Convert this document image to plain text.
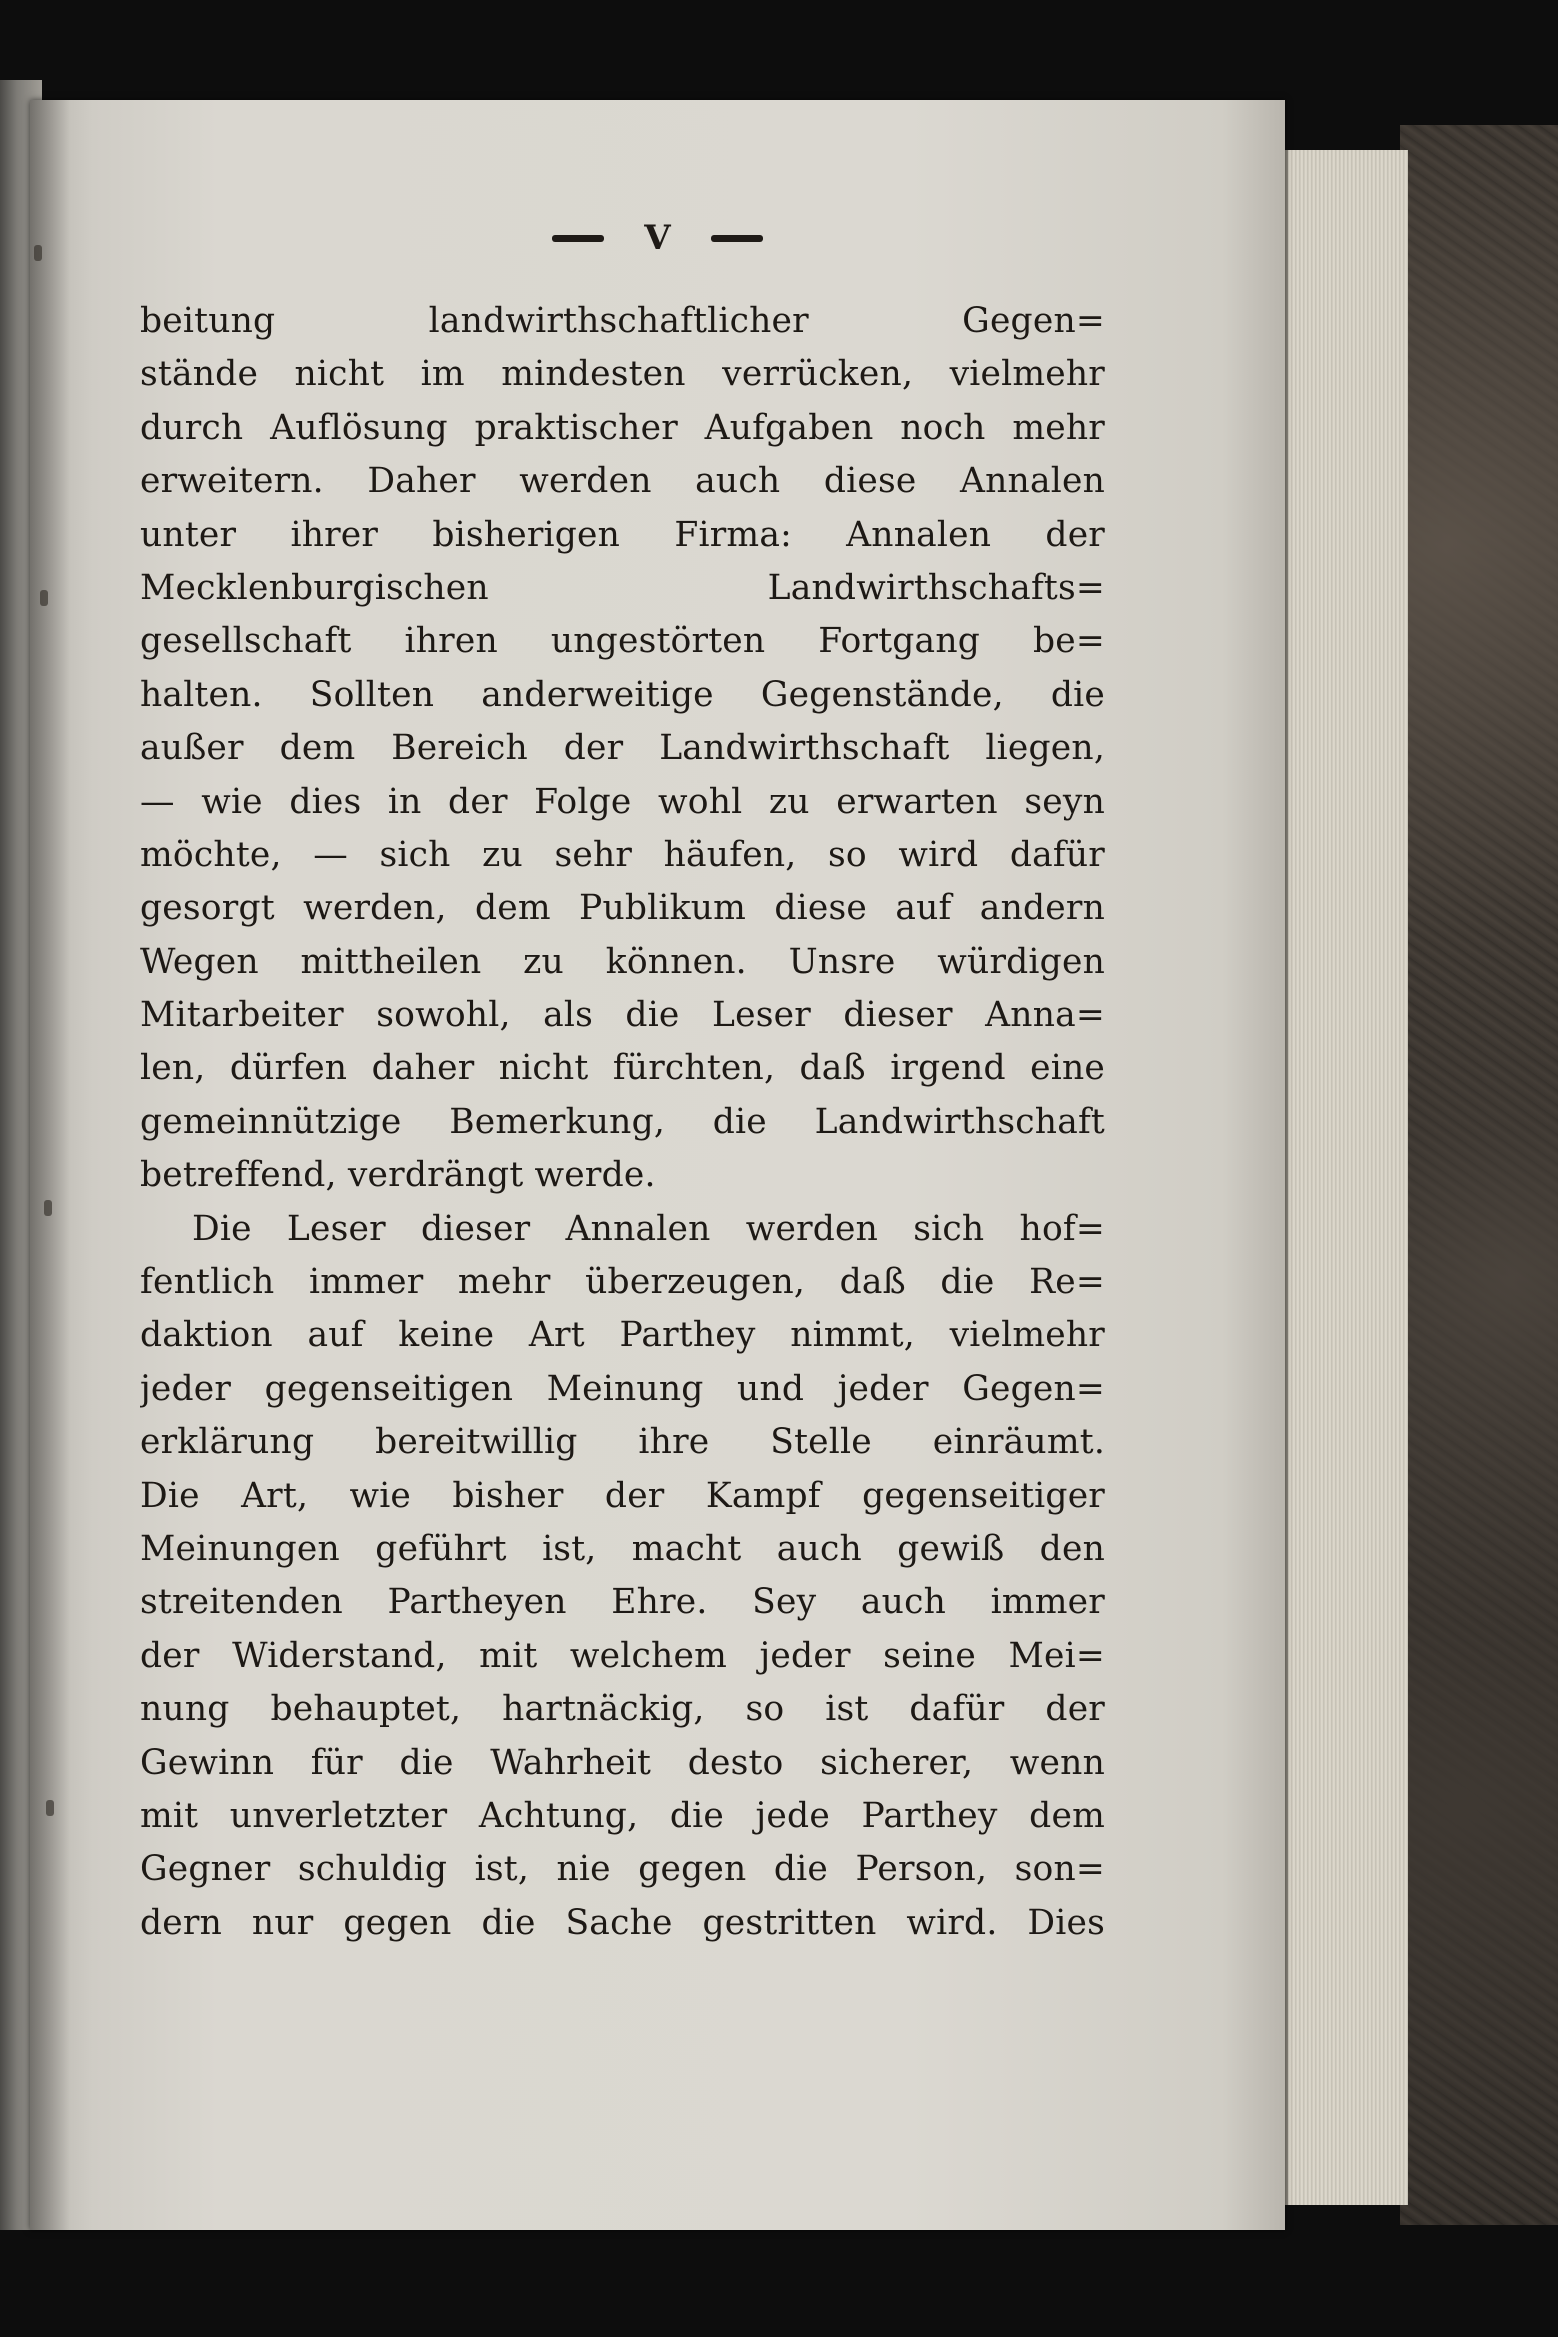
V
beitung landwirthschaftlicher Gegen=
stände nicht im mindesten verrücken, vielmehr
durch Auflösung praktischer Aufgaben noch mehr
erweitern. Daher werden auch diese Annalen
unter ihrer bisherigen Firma: Annalen der
Mecklenburgischen Landwirthschafts=
gesellschaft ihren ungestörten Fortgang be=
halten. Sollten anderweitige Gegenstände, die
außer dem Bereich der Landwirthschaft liegen,
— wie dies in der Folge wohl zu erwarten seyn
möchte, — sich zu sehr häufen, so wird dafür
gesorgt werden, dem Publikum diese auf andern
Wegen mittheilen zu können. Unsre würdigen
Mitarbeiter sowohl, als die Leser dieser Anna=
len, dürfen daher nicht fürchten, daß irgend eine
gemeinnützige Bemerkung, die Landwirthschaft
betreffend, verdrängt werde.
Die Leser dieser Annalen werden sich hof=
fentlich immer mehr überzeugen, daß die Re=
daktion auf keine Art Parthey nimmt, vielmehr
jeder gegenseitigen Meinung und jeder Gegen=
erklärung bereitwillig ihre Stelle einräumt.
Die Art, wie bisher der Kampf gegenseitiger
Meinungen geführt ist, macht auch gewiß den
streitenden Partheyen Ehre. Sey auch immer
der Widerstand, mit welchem jeder seine Mei=
nung behauptet, hartnäckig, so ist dafür der
Gewinn für die Wahrheit desto sicherer, wenn
mit unverletzter Achtung, die jede Parthey dem
Gegner schuldig ist, nie gegen die Person, son=
dern nur gegen die Sache gestritten wird. Dies
